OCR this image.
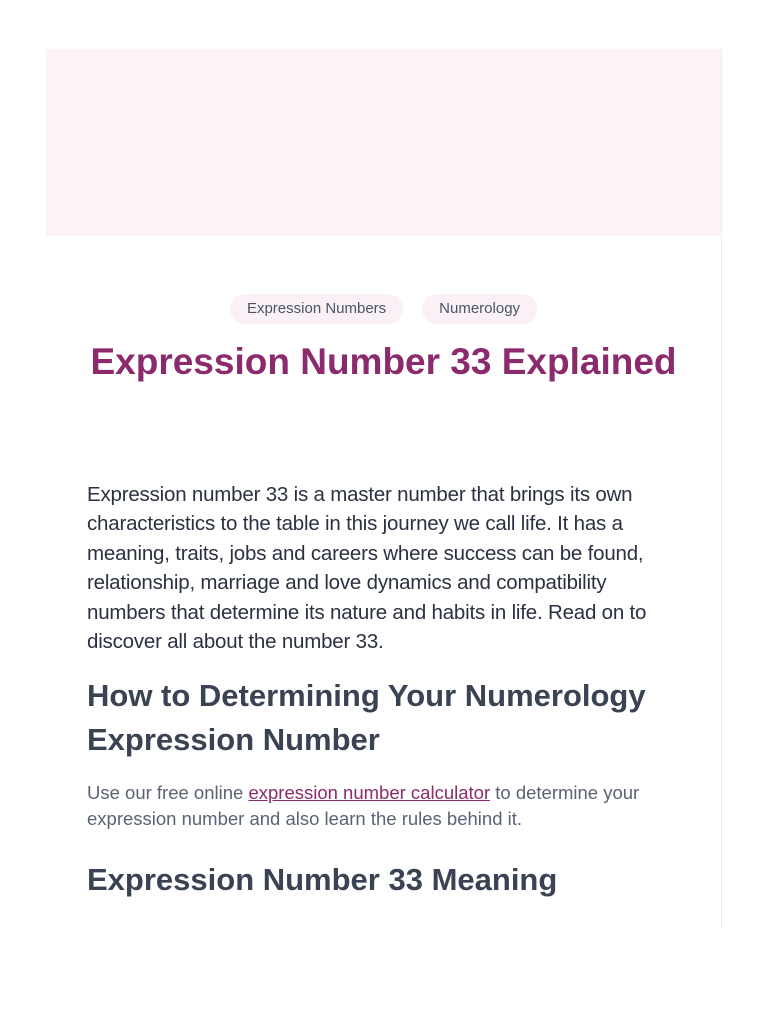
Expression Numbers	Numerology
Expression Number 33 Explained

Expression number 33 is a master number that brings its own characteristics to the table in this journey we call life. It has a meaning, traits, jobs and careers where success can be found, relationship, marriage and love dynamics and compatibility numbers that determine its nature and habits in life. Read on to discover all about the number 33.

How to Determining Your Numerology Expression Number

Use our free online expression number calculator to determine your expression number and also learn the rules behind it.

Expression Number 33 Meaning
